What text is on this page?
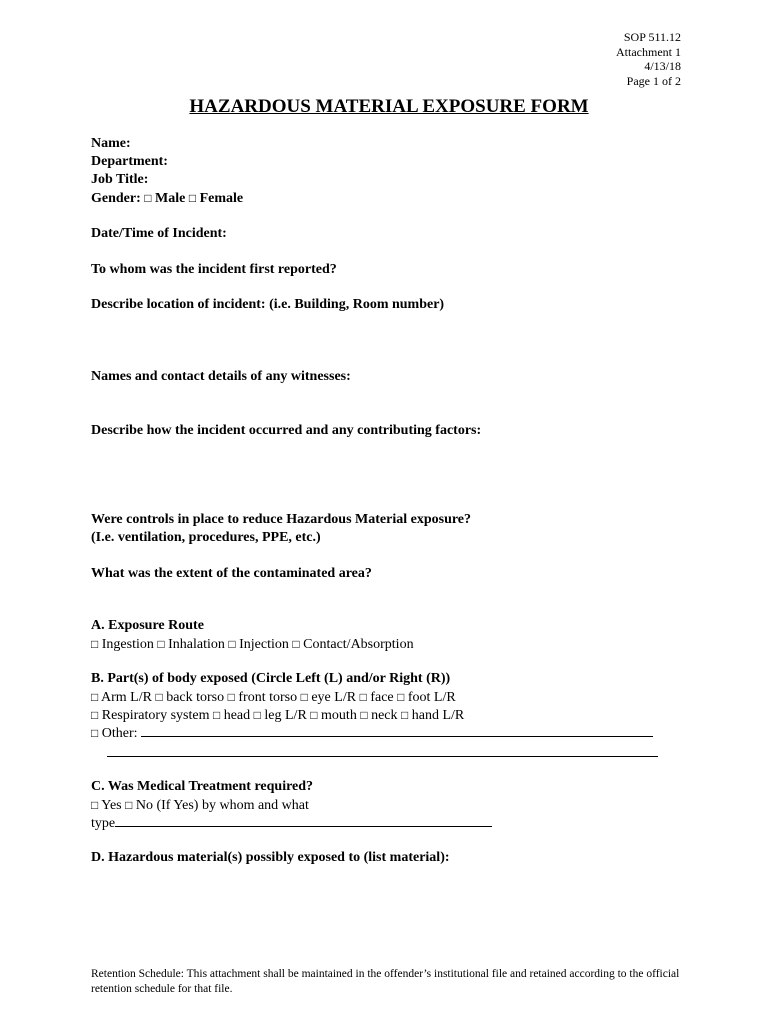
SOP 511.12
Attachment 1
4/13/18
Page 1 of 2
HAZARDOUS MATERIAL EXPOSURE FORM
Name:
Department:
Job Title:
Gender: □ Male □ Female
Date/Time of Incident:
To whom was the incident first reported?
Describe location of incident: (i.e. Building, Room number)
Names and contact details of any witnesses:
Describe how the incident occurred and any contributing factors:
Were controls in place to reduce Hazardous Material exposure?
(I.e. ventilation, procedures, PPE, etc.)
What was the extent of the contaminated area?
A. Exposure Route
□ Ingestion □ Inhalation □ Injection □ Contact/Absorption
B. Part(s) of body exposed (Circle Left (L) and/or Right (R))
□ Arm L/R □ back torso □ front torso □ eye L/R □ face □ foot L/R
□ Respiratory system □ head □ leg L/R □ mouth □ neck □ hand L/R
□ Other:
C. Was Medical Treatment required?
□ Yes □ No (If Yes) by whom and what
type
D. Hazardous material(s) possibly exposed to (list material):
Retention Schedule: This attachment shall be maintained in the offender’s institutional file and retained according to the official retention schedule for that file.
